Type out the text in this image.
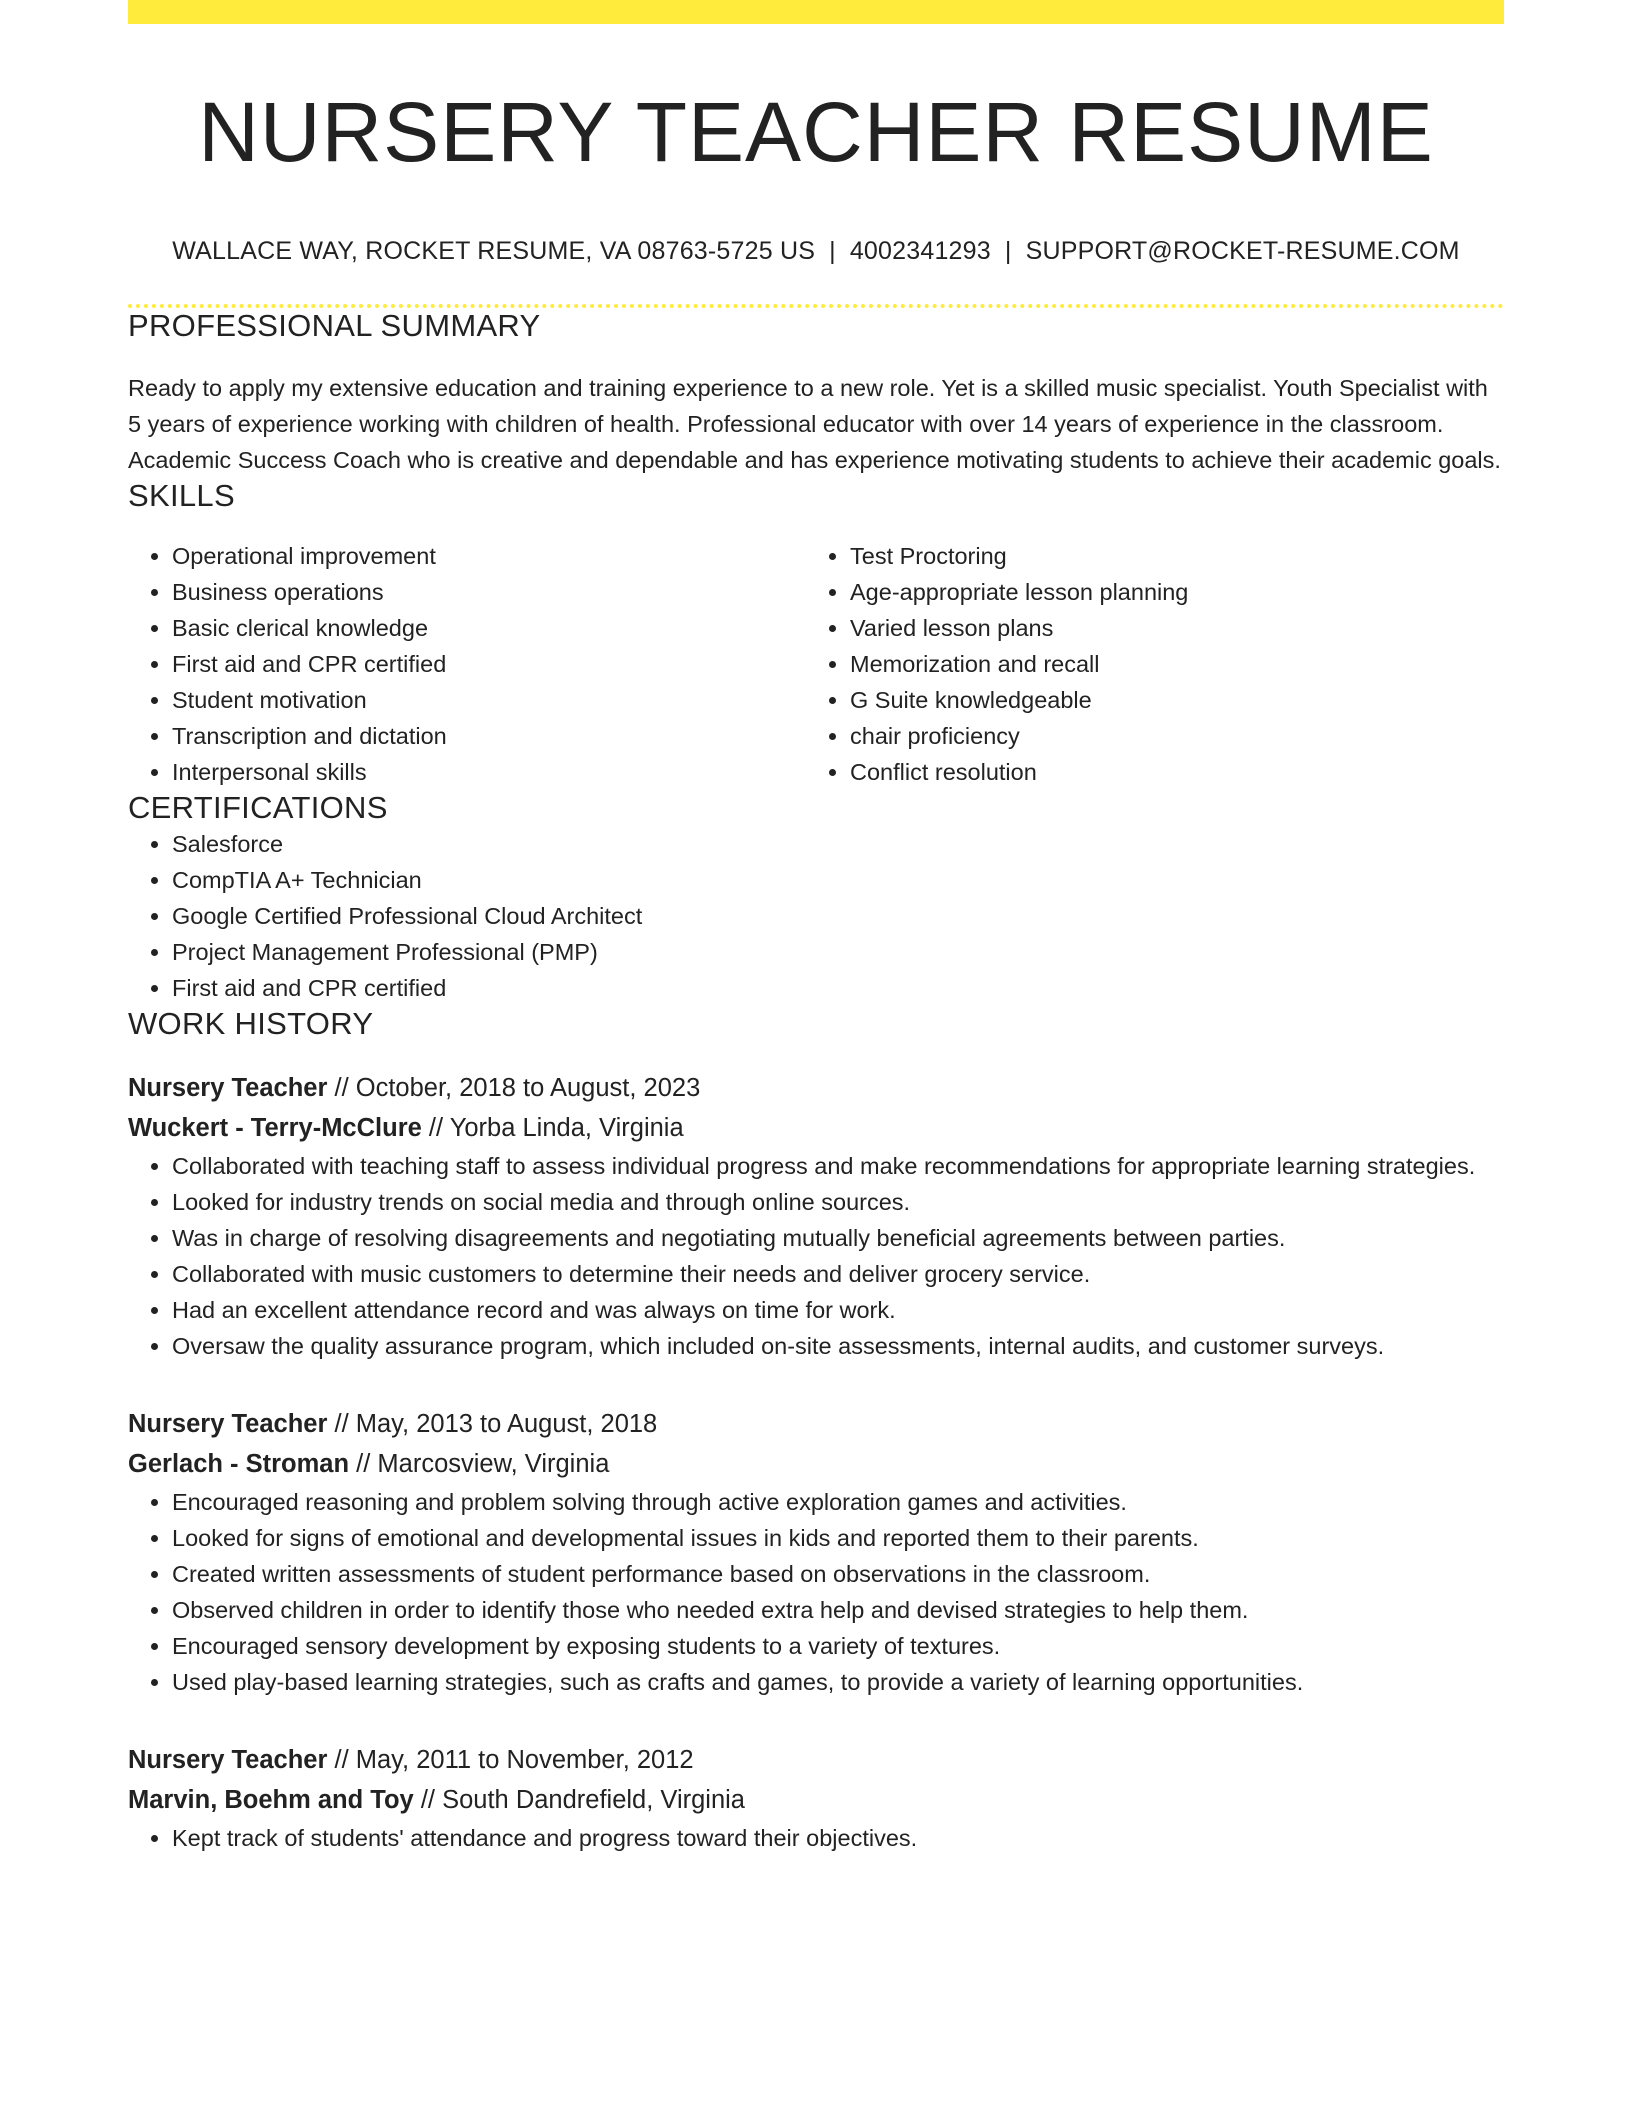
NURSERY TEACHER RESUME
WALLACE WAY, ROCKET RESUME, VA 08763-5725 US | 4002341293 | SUPPORT@ROCKET-RESUME.COM
PROFESSIONAL SUMMARY
Ready to apply my extensive education and training experience to a new role. Yet is a skilled music specialist. Youth Specialist with 5 years of experience working with children of health. Professional educator with over 14 years of experience in the classroom. Academic Success Coach who is creative and dependable and has experience motivating students to achieve their academic goals.
SKILLS
• Operational improvement
• Business operations
• Basic clerical knowledge
• First aid and CPR certified
• Student motivation
• Transcription and dictation
• Interpersonal skills
• Test Proctoring
• Age-appropriate lesson planning
• Varied lesson plans
• Memorization and recall
• G Suite knowledgeable
• chair proficiency
• Conflict resolution
CERTIFICATIONS
• Salesforce
• CompTIA A+ Technician
• Google Certified Professional Cloud Architect
• Project Management Professional (PMP)
• First aid and CPR certified
WORK HISTORY
Nursery Teacher // October, 2018 to August, 2023
Wuckert - Terry-McClure // Yorba Linda, Virginia
• Collaborated with teaching staff to assess individual progress and make recommendations for appropriate learning strategies.
• Looked for industry trends on social media and through online sources.
• Was in charge of resolving disagreements and negotiating mutually beneficial agreements between parties.
• Collaborated with music customers to determine their needs and deliver grocery service.
• Had an excellent attendance record and was always on time for work.
• Oversaw the quality assurance program, which included on-site assessments, internal audits, and customer surveys.
Nursery Teacher // May, 2013 to August, 2018
Gerlach - Stroman // Marcosview, Virginia
• Encouraged reasoning and problem solving through active exploration games and activities.
• Looked for signs of emotional and developmental issues in kids and reported them to their parents.
• Created written assessments of student performance based on observations in the classroom.
• Observed children in order to identify those who needed extra help and devised strategies to help them.
• Encouraged sensory development by exposing students to a variety of textures.
• Used play-based learning strategies, such as crafts and games, to provide a variety of learning opportunities.
Nursery Teacher // May, 2011 to November, 2012
Marvin, Boehm and Toy // South Dandrefield, Virginia
• Kept track of students' attendance and progress toward their objectives.
